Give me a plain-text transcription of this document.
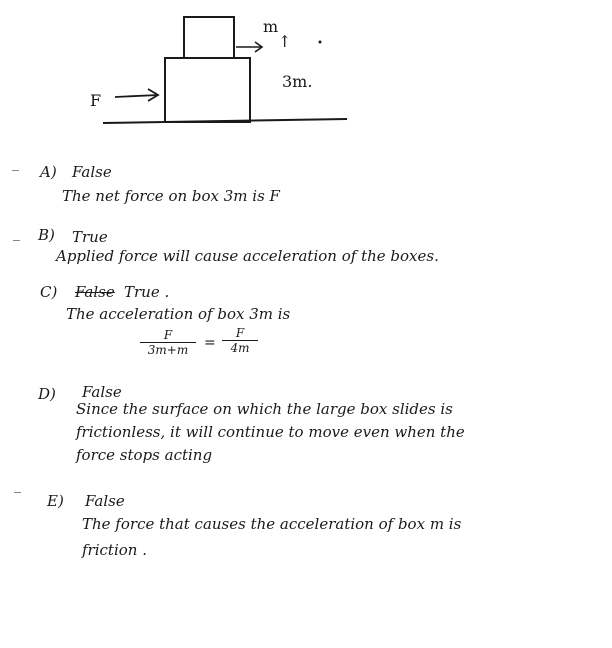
F
m
↑
3m.
A) False
The net force on box 3m is F
B) True
Applied force will cause acceleration of the boxes.
C) False True .
The acceleration of box 3m is
$\frac{F}{3m+m} = \frac{F}{4m}$
D) False
Since the surface on which the large box slides is
frictionless, it will continue to move even when the
force stops acting
E) False
The force that causes the acceleration of box m is
friction .
